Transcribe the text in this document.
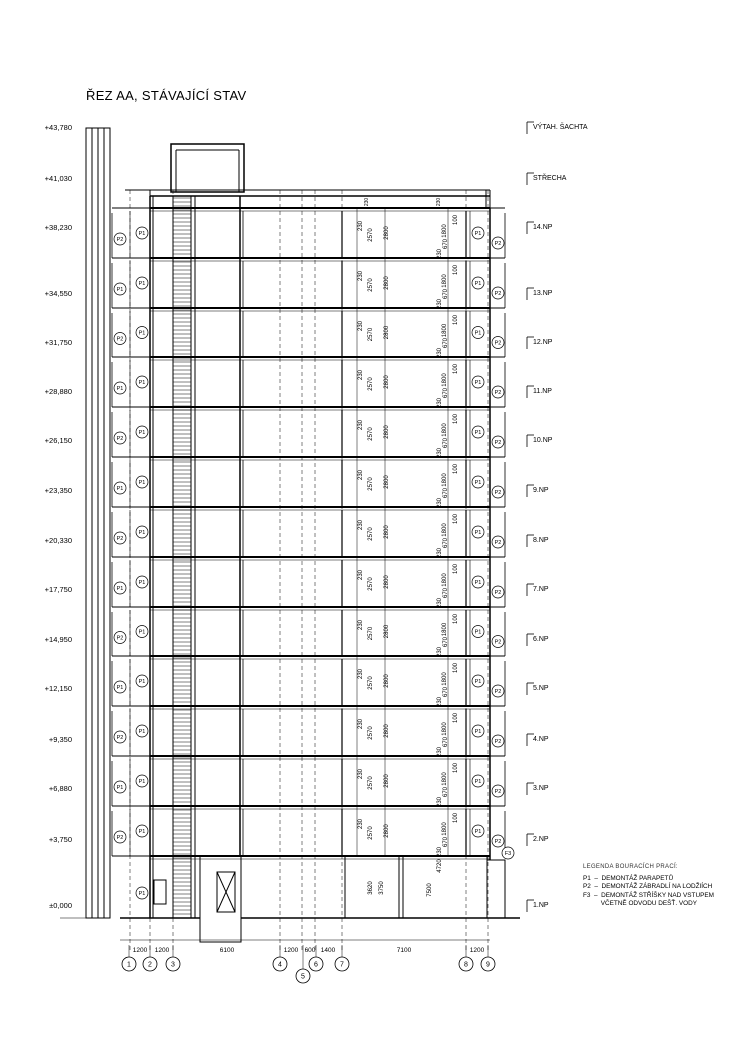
230
2570 2800
230
670
1800
100
230
2570 2800
230
670
1800
100
230
2570 2800
230
670
1800
100
230
2570 2800
230
670
1800
100
230
2570 2800
230
670
1800
100
230
2570 2800
230
670
1800
100
230
2570 2800
230
670
1800
100
230
2570 2800
230
670
1800
100
230
2570 2800
230
670
1800
100
230
2570 2800
230
670
1800
100
230
2570 2800
230
670
1800
100
230
2570 2800
230
670
1800
100
230
2570 2800
230
670
1800
100
230	230
3620 3750
4720
7500
P2
P1	P1
P2
P1
P1	P1
P2
P2
P1	P1
P2
P1
P1	P1
P2
P2
P1	P1
P2
P1
P1	P1
P2
P2
P1	P1
P2
P1
P1	P1
P2
P2
P1	P1
P2
P1
P1	P1
P2
P2
P1	P1
P2
P1
P1	P1
P2
P2
P1	P1
P2
P1
F3
+43,780
+41,030
+38,230
+34,550
+31,750
+28,880
+26,150
+23,350
+20,330
+17,750
+14,950
+12,150
+9,350
+6,880
+3,750
±0,000
VÝTAH. ŠACHTA
STŘECHA
14.NP
13.NP
12.NP
11.NP
10.NP
9.NP
8.NP
7.NP
6.NP
5.NP
4.NP
3.NP
2.NP
1.NP
1 2	3	4
5
6	7	8	9
1200 1200	6100	1200 600 1400	7100	1200
ŘEZ AA, STÁVAJÍCÍ STAV
LEGENDA BOURACÍCH PRACÍ:
P1  –  DEMONTÁŽ PARAPETŮ
P2  –  DEMONTÁŽ ZÁBRADLÍ NA LODŽIÍCH
F3  –  DEMONTÁŽ STŘÍŠKY NAD VSTUPEM
VČETNĚ ODVODU DEŠŤ. VODY
